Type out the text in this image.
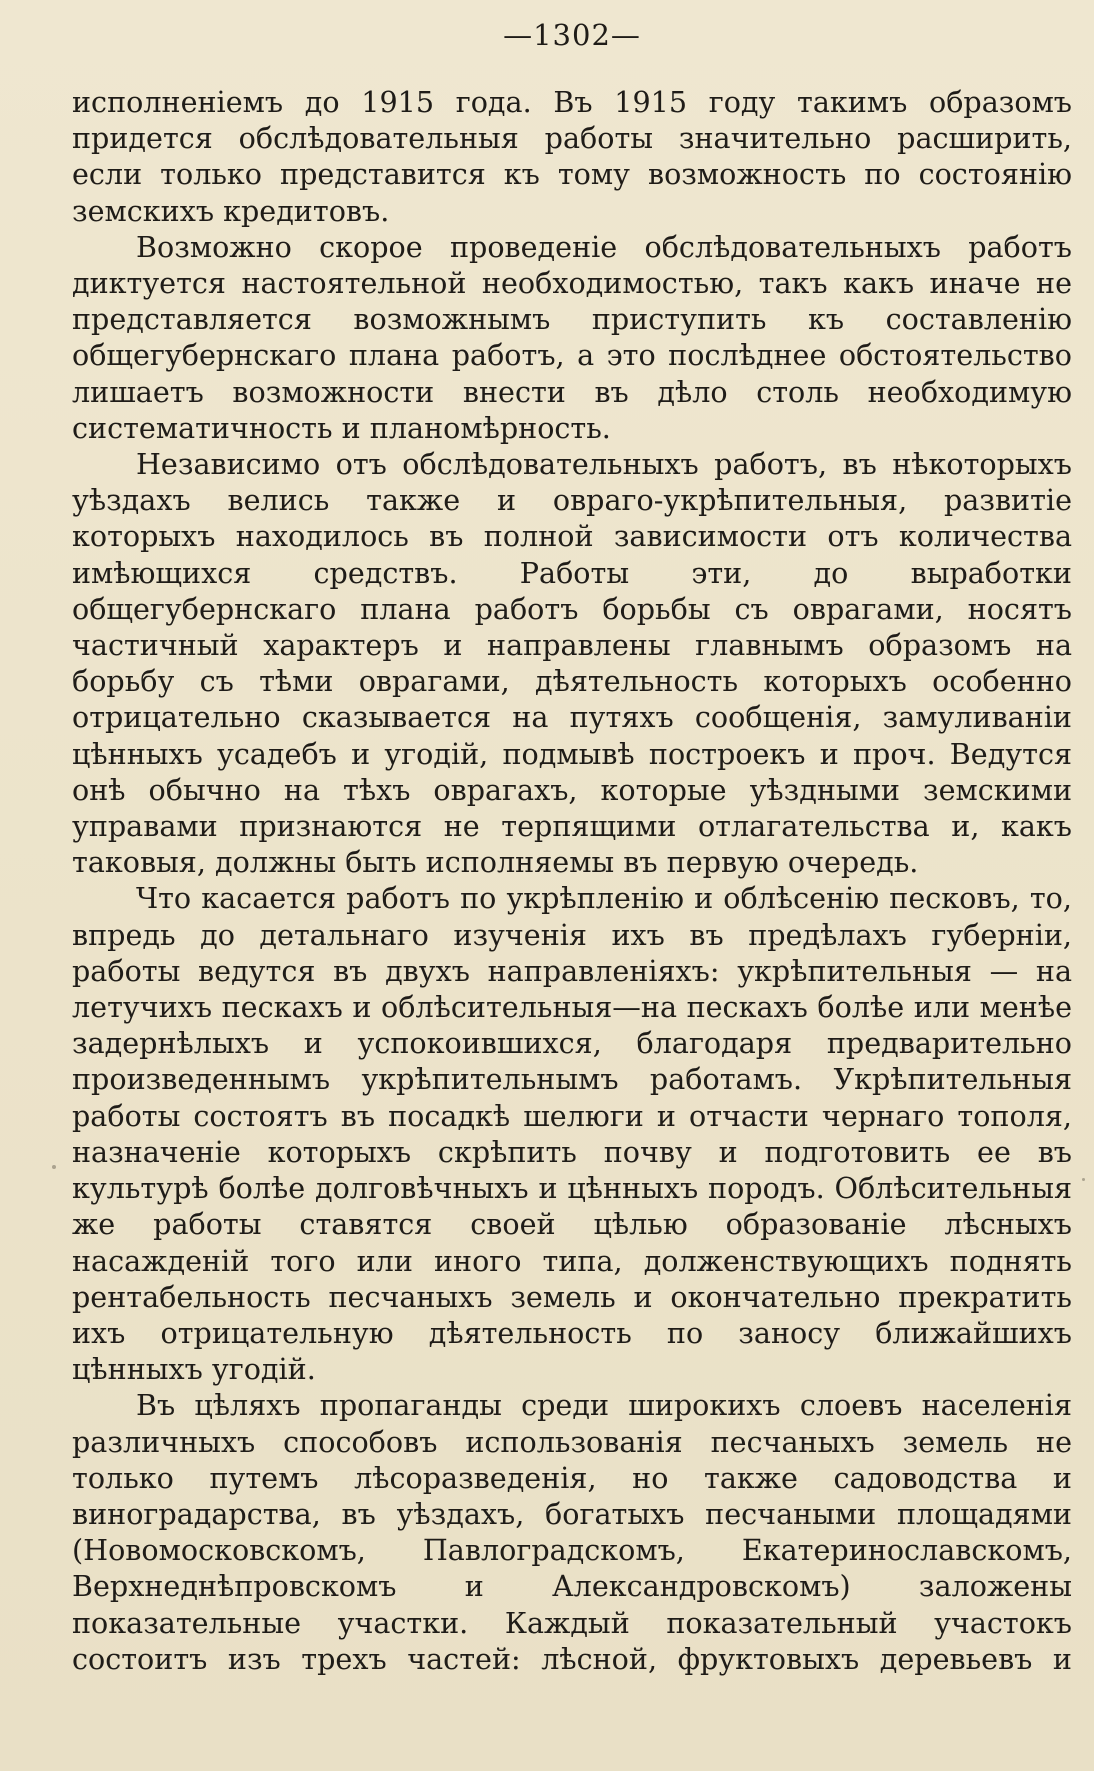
—1302—

исполненіемъ до 1915 года. Въ 1915 году такимъ образомъ придется обслѣдовательныя работы значительно расширить, если только представится къ тому возможность по состоянію земскихъ кредитовъ.

Возможно скорое проведеніе обслѣдовательныхъ работъ диктуется настоятельной необходимостью, такъ какъ иначе не представляется возможнымъ приступить къ составленію общегубернскаго плана работъ, а это послѣднее обстоятельство лишаетъ возможности внести въ дѣло столь необходимую систематичность и планомѣрность.

Независимо отъ обслѣдовательныхъ работъ, въ нѣкоторыхъ уѣздахъ велись также и овраго-укрѣпительныя, развитіе которыхъ находилось въ полной зависимости отъ количества имѣющихся средствъ. Работы эти, до выработки общегубернскаго плана работъ борьбы съ оврагами, носятъ частичный характеръ и направлены главнымъ образомъ на борьбу съ тѣми оврагами, дѣятельность которыхъ особенно отрицательно сказывается на путяхъ сообщенія, замуливаніи цѣнныхъ усадебъ и угодій, подмывѣ построекъ и проч. Ведутся онѣ обычно на тѣхъ оврагахъ, которые уѣздными земскими управами признаются не терпящими отлагательства и, какъ таковыя, должны быть исполняемы въ первую очередь.

Что касается работъ по укрѣпленію и облѣсенію песковъ, то, впредь до детальнаго изученія ихъ въ предѣлахъ губерніи, работы ведутся въ двухъ направленіяхъ: укрѣпительныя — на летучихъ пескахъ и облѣсительныя—на пескахъ болѣе или менѣе задернѣлыхъ и успокоившихся, благодаря предварительно произведеннымъ укрѣпительнымъ работамъ. Укрѣпительныя работы состоятъ въ посадкѣ шелюги и отчасти чернаго тополя, назначеніе которыхъ скрѣпить почву и подготовить ее въ культурѣ болѣе долговѣчныхъ и цѣнныхъ породъ. Облѣсительныя же работы ставятся своей цѣлью образованіе лѣсныхъ насажденій того или иного типа, долженствующихъ поднять рентабельность песчаныхъ земель и окончательно прекратить ихъ отрицательную дѣятельность по заносу ближайшихъ цѣнныхъ угодій.

Въ цѣляхъ пропаганды среди широкихъ слоевъ населенія различныхъ способовъ использованія песчаныхъ земель не только путемъ лѣсоразведенія, но также садоводства и виноградарства, въ уѣздахъ, богатыхъ песчаными площадями (Новомосковскомъ, Павлоградскомъ, Екатеринославскомъ, Верхнеднѣпровскомъ и Александровскомъ) заложены показательные участки. Каждый показательный участокъ состоитъ изъ трехъ частей: лѣсной, фруктовыхъ деревьевъ и
